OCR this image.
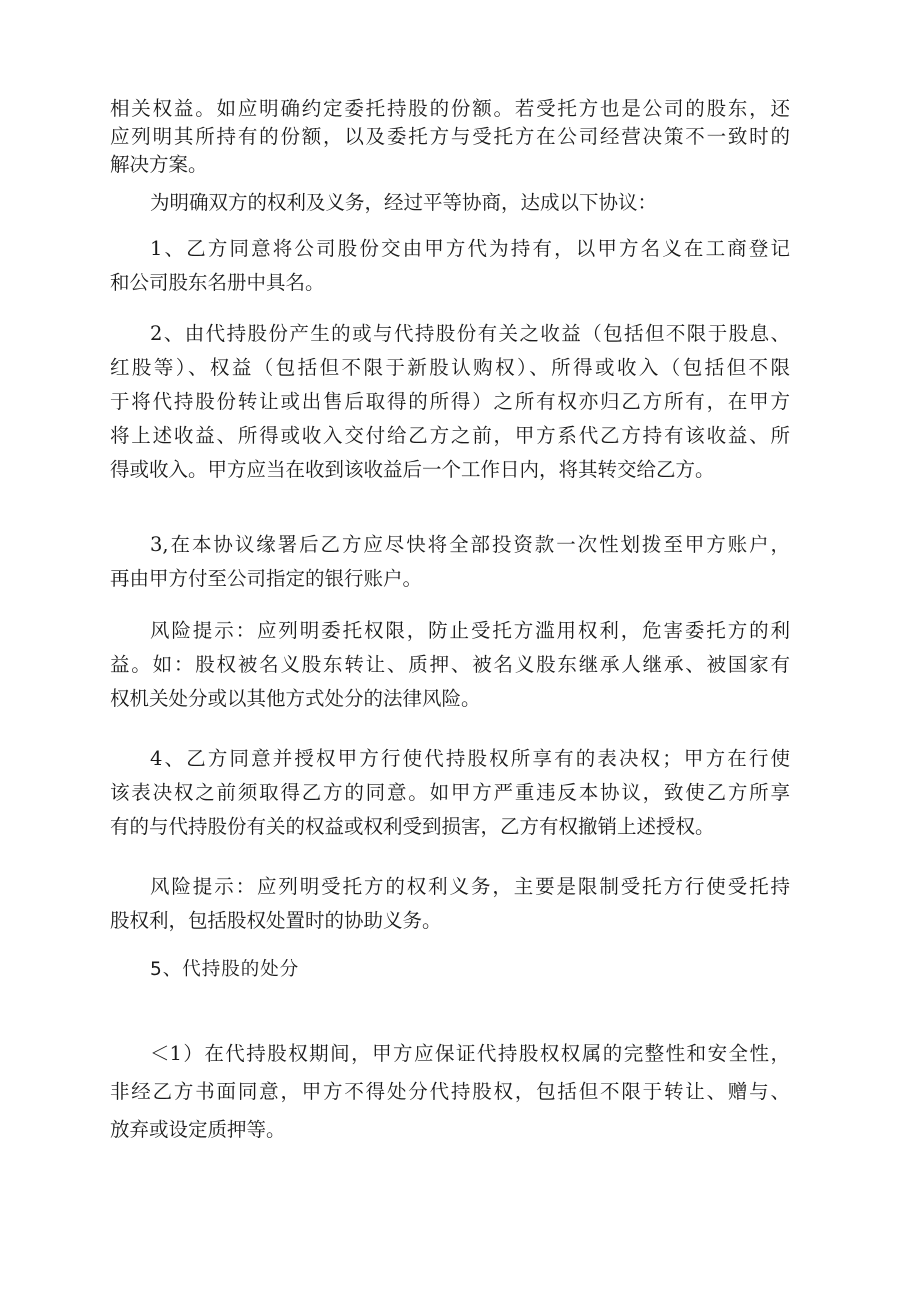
相关权益。如应明确约定委托持股的份额。若受托方也是公司的股东，还
应列明其所持有的份额，以及委托方与受托方在公司经营决策不一致时的
解决方案。
为明确双方的权利及义务，经过平等协商，达成以下协议：
1、乙方同意将公司股份交由甲方代为持有，以甲方名义在工商登记
和公司股东名册中具名。
2、由代持股份产生的或与代持股份有关之收益（包括但不限于股息、
红股等）、权益（包括但不限于新股认购权）、所得或收入（包括但不限
于将代持股份转让或出售后取得的所得）之所有权亦归乙方所有，在甲方
将上述收益、所得或收入交付给乙方之前，甲方系代乙方持有该收益、所
得或收入。甲方应当在收到该收益后一个工作日内，将其转交给乙方。
3,在本协议缘署后乙方应尽快将全部投资款一次性划拨至甲方账户，
再由甲方付至公司指定的银行账户。
风险提示：应列明委托权限，防止受托方滥用权利，危害委托方的利
益。如：股权被名义股东转让、质押、被名义股东继承人继承、被国家有
权机关处分或以其他方式处分的法律风险。
4、乙方同意并授权甲方行使代持股权所享有的表决权；甲方在行使
该表决权之前须取得乙方的同意。如甲方严重违反本协议，致使乙方所享
有的与代持股份有关的权益或权利受到损害，乙方有权撤销上述授权。
风险提示：应列明受托方的权利义务，主要是限制受托方行使受托持
股权利，包括股权处置时的协助义务。
5、代持股的处分
＜1）在代持股权期间，甲方应保证代持股权权属的完整性和安全性，
非经乙方书面同意，甲方不得处分代持股权，包括但不限于转让、赠与、
放弃或设定质押等。
